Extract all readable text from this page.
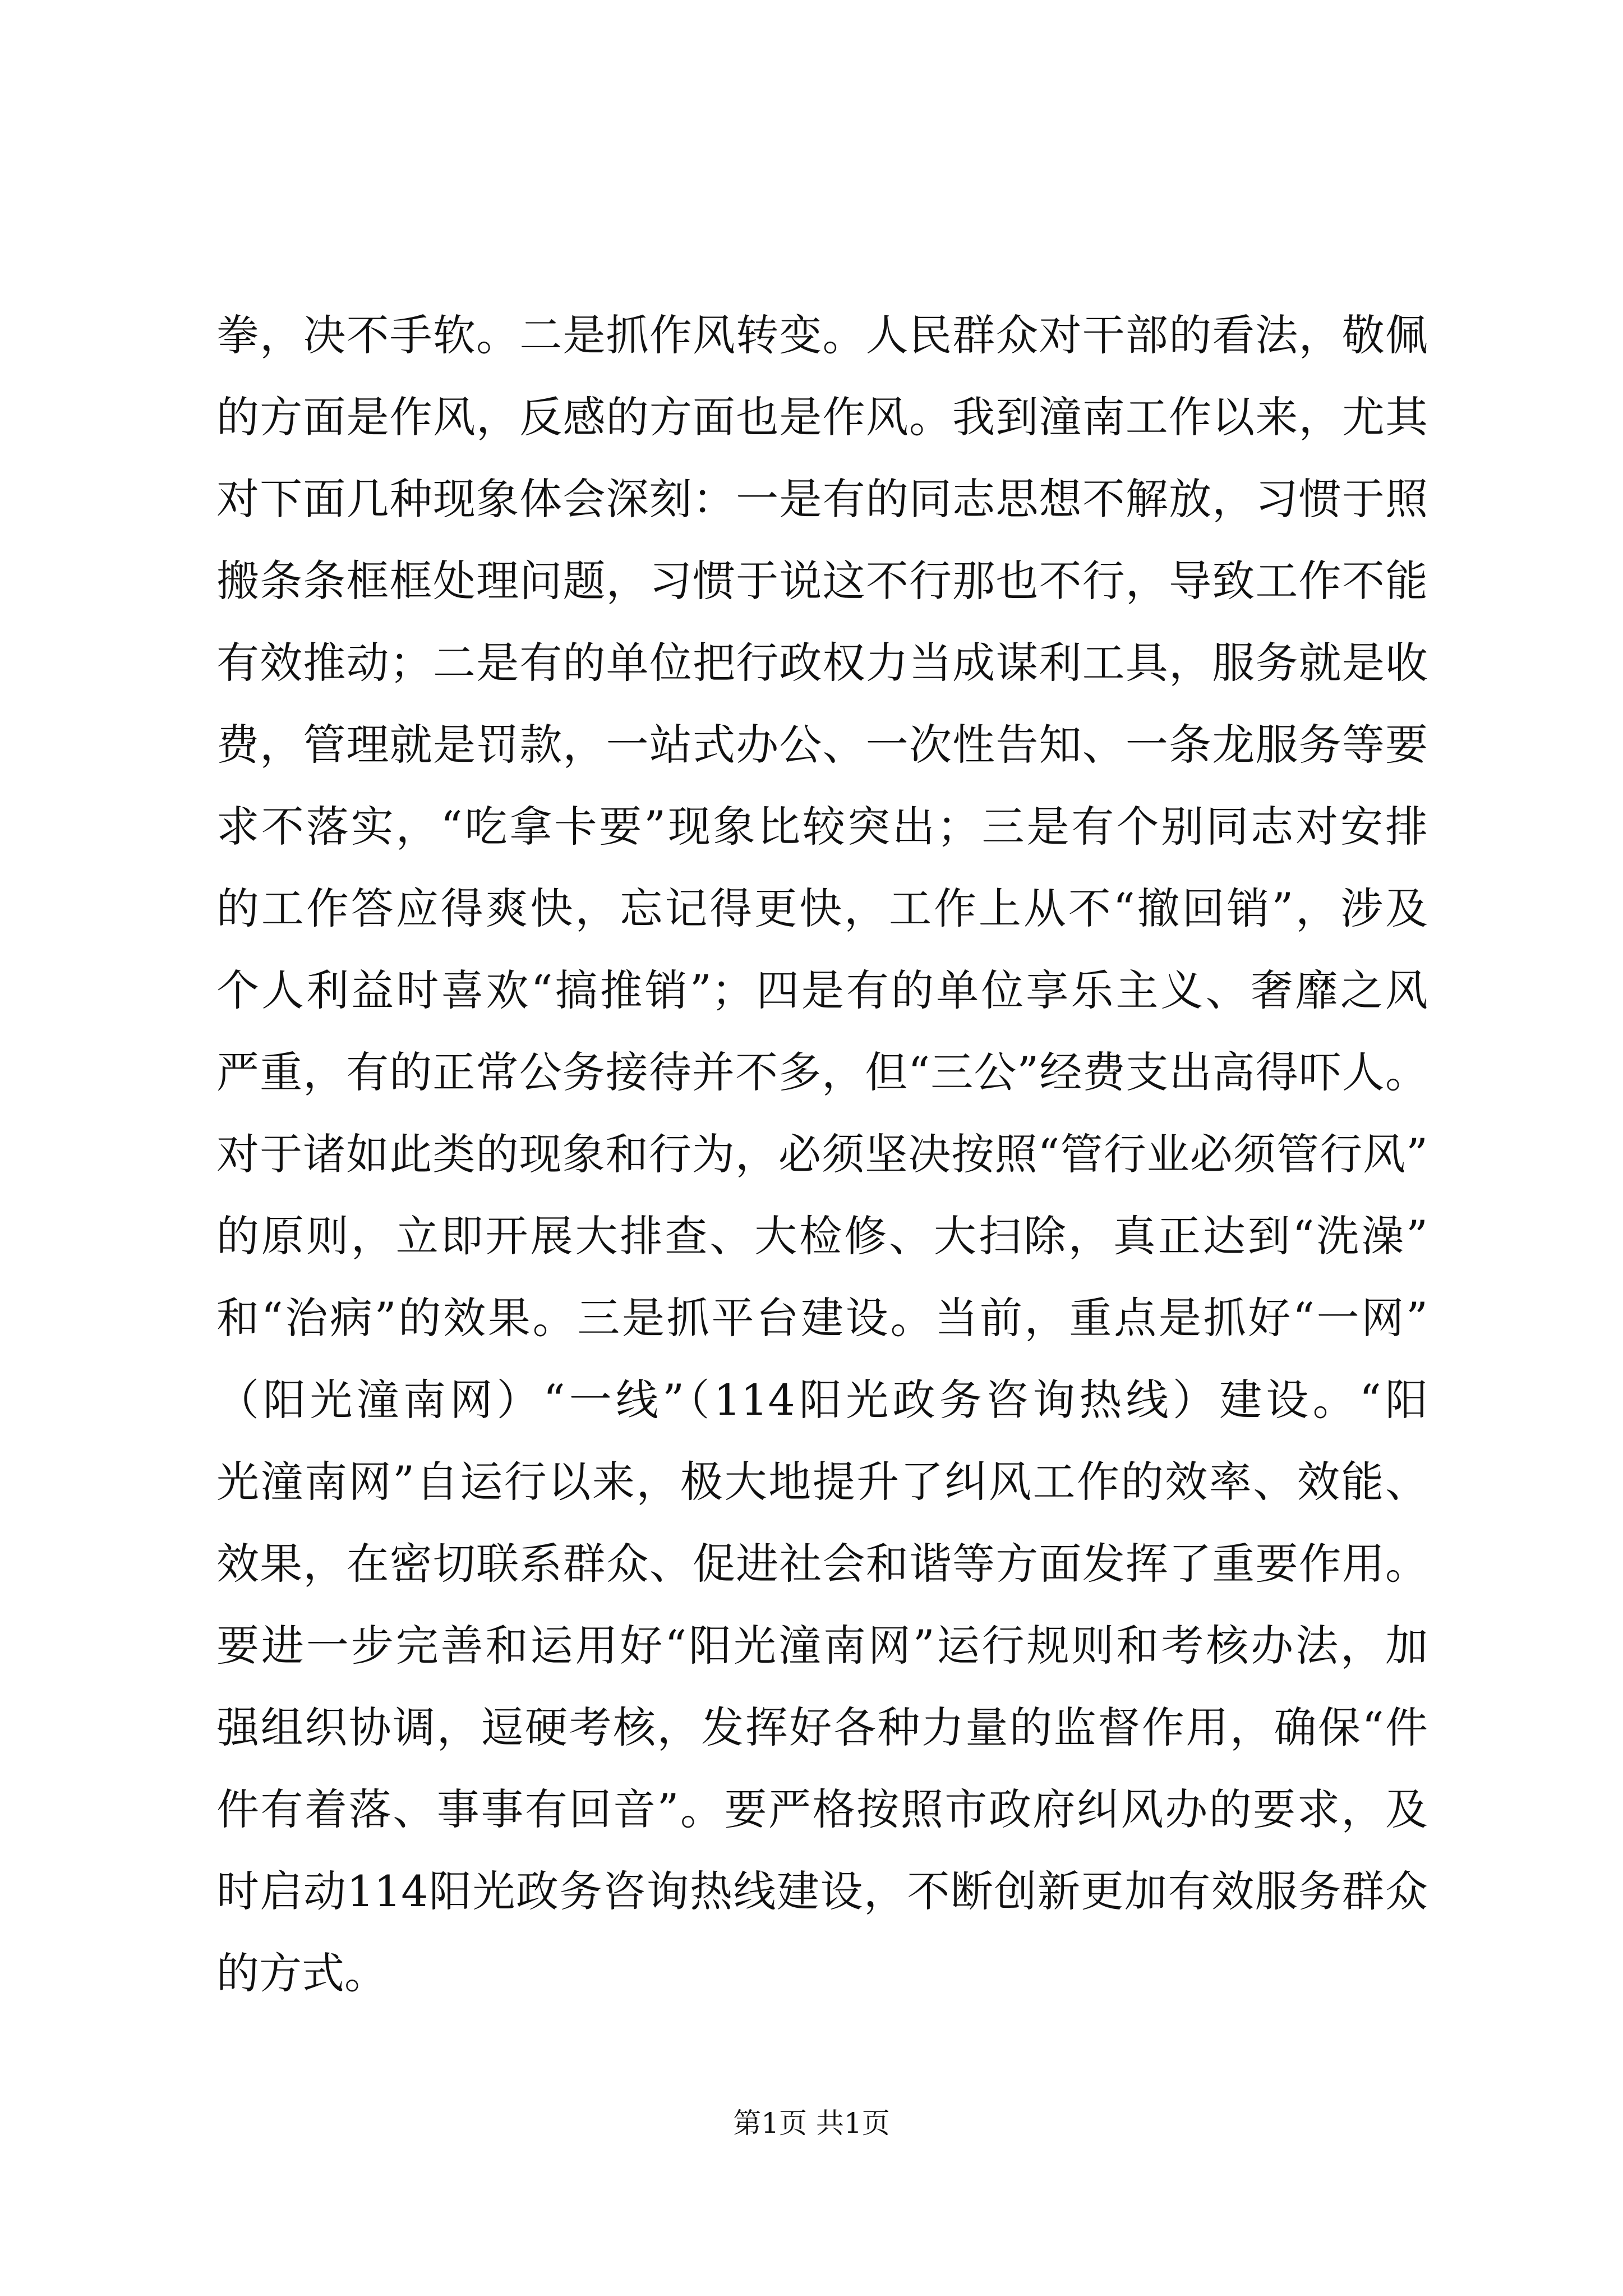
拳，决不手软。二是抓作风转变。人民群众对干部的看法，敬佩
的方面是作风，反感的方面也是作风。我到潼南工作以来，尤其
对下面几种现象体会深刻：一是有的同志思想不解放，习惯于照
搬条条框框处理问题，习惯于说这不行那也不行，导致工作不能
有效推动；二是有的单位把行政权力当成谋利工具，服务就是收
费，管理就是罚款，一站式办公、一次性告知、一条龙服务等要
求不落实，“吃拿卡要”现象比较突出；三是有个别同志对安排
的工作答应得爽快，忘记得更快，工作上从不“撤回销”，涉及
个人利益时喜欢“搞推销”；四是有的单位享乐主义、奢靡之风
严重，有的正常公务接待并不多，但“三公”经费支出高得吓人。
对于诸如此类的现象和行为，必须坚决按照“管行业必须管行风”
的原则，立即开展大排查、大检修、大扫除，真正达到“洗澡”
和“治病”的效果。三是抓平台建设。当前，重点是抓好“一网”
（阳光潼南网）“一线”（114阳光政务咨询热线）建设。“阳
光潼南网”自运行以来，极大地提升了纠风工作的效率、效能、
效果，在密切联系群众、促进社会和谐等方面发挥了重要作用。
要进一步完善和运用好“阳光潼南网”运行规则和考核办法，加
强组织协调，逗硬考核，发挥好各种力量的监督作用，确保“件
件有着落、事事有回音”。要严格按照市政府纠风办的要求，及
时启动114阳光政务咨询热线建设，不断创新更加有效服务群众
的方式。
第1页 共1页
